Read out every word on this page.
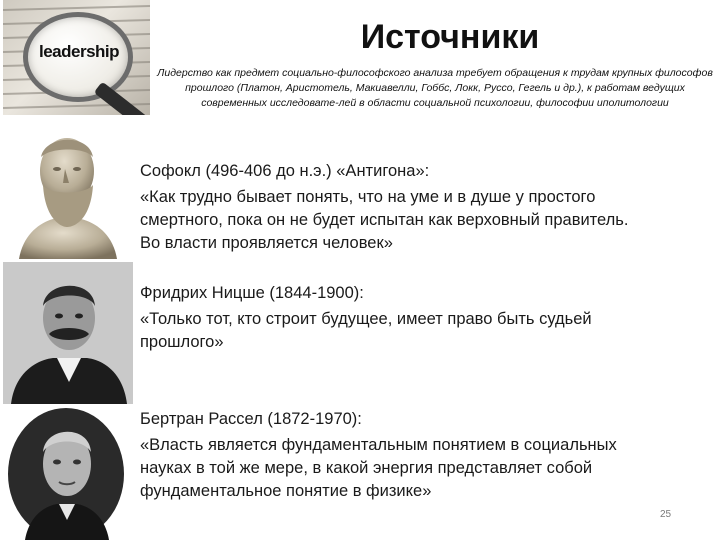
leadership	Источники
Лидерство как предмет социально-философского анализа требует обращения к трудам крупных философов
прошлого (Платон, Аристотель, Макиавелли, Гоббс, Локк, Руссо, Гегель и др.), к работам ведущих
современных исследовате-лей в области социальной психологии, философии иполитологии

Софокл (496-406 до н.э.) «Антигона»:

«Как трудно бывает понять, что на уме и в душе у простого

смертного, пока он не будет испытан как верховный правитель.

Во власти проявляется человек»

Фридрих Ницше (1844-1900):

«Только тот, кто строит будущее, имеет право быть судьей

прошлого»

Бертран Рассел (1872-1970):

«Власть является фундаментальным понятием в социальных

науках в той же мере, в какой энергия представляет собой

фундаментальное понятие в физике»

25
